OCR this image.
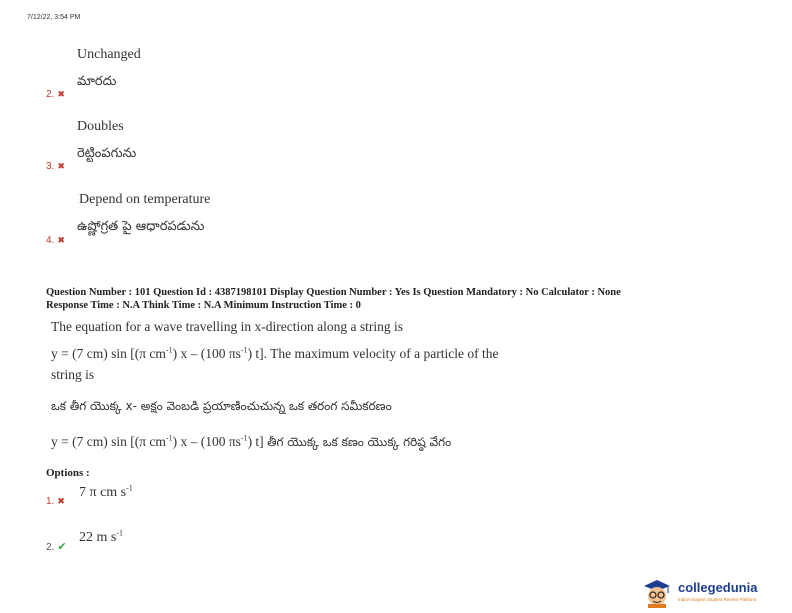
7/12/22, 3:54 PM
Unchanged
మారదు
2. ✖
Doubles
రెట్టింపగును
3. ✖
Depend on temperature
ఉష్ణోగ్రత పై ఆధారపడును
4. ✖
Question Number : 101 Question Id : 4387198101 Display Question Number : Yes Is Question Mandatory : No Calculator : None
Response Time : N.A Think Time : N.A Minimum Instruction Time : 0
The equation for a wave travelling in x-direction along a string is
y = (7 cm) sin [(π $cm^{-1}$) x – (100 $\pi s^{-1}$) t]. The maximum velocity of a particle of the
string is
ఒక తీగ యొక్క x- అక్షం వెంబడి ప్రయాణించుచున్న ఒక తరంగ సమీకరణం
y = (7 cm) sin [(π $cm^{-1}$) x – (100 $\pi s^{-1}$) t] తీగ యొక్క ఒక కణం యొక్క గరిష్ఠ వేగం
Options :
1. ✖
7 π cm $s^{-1}$
2. ✔
22 m $s^{-1}$
collegedunia
India's largest Student Review Platform
